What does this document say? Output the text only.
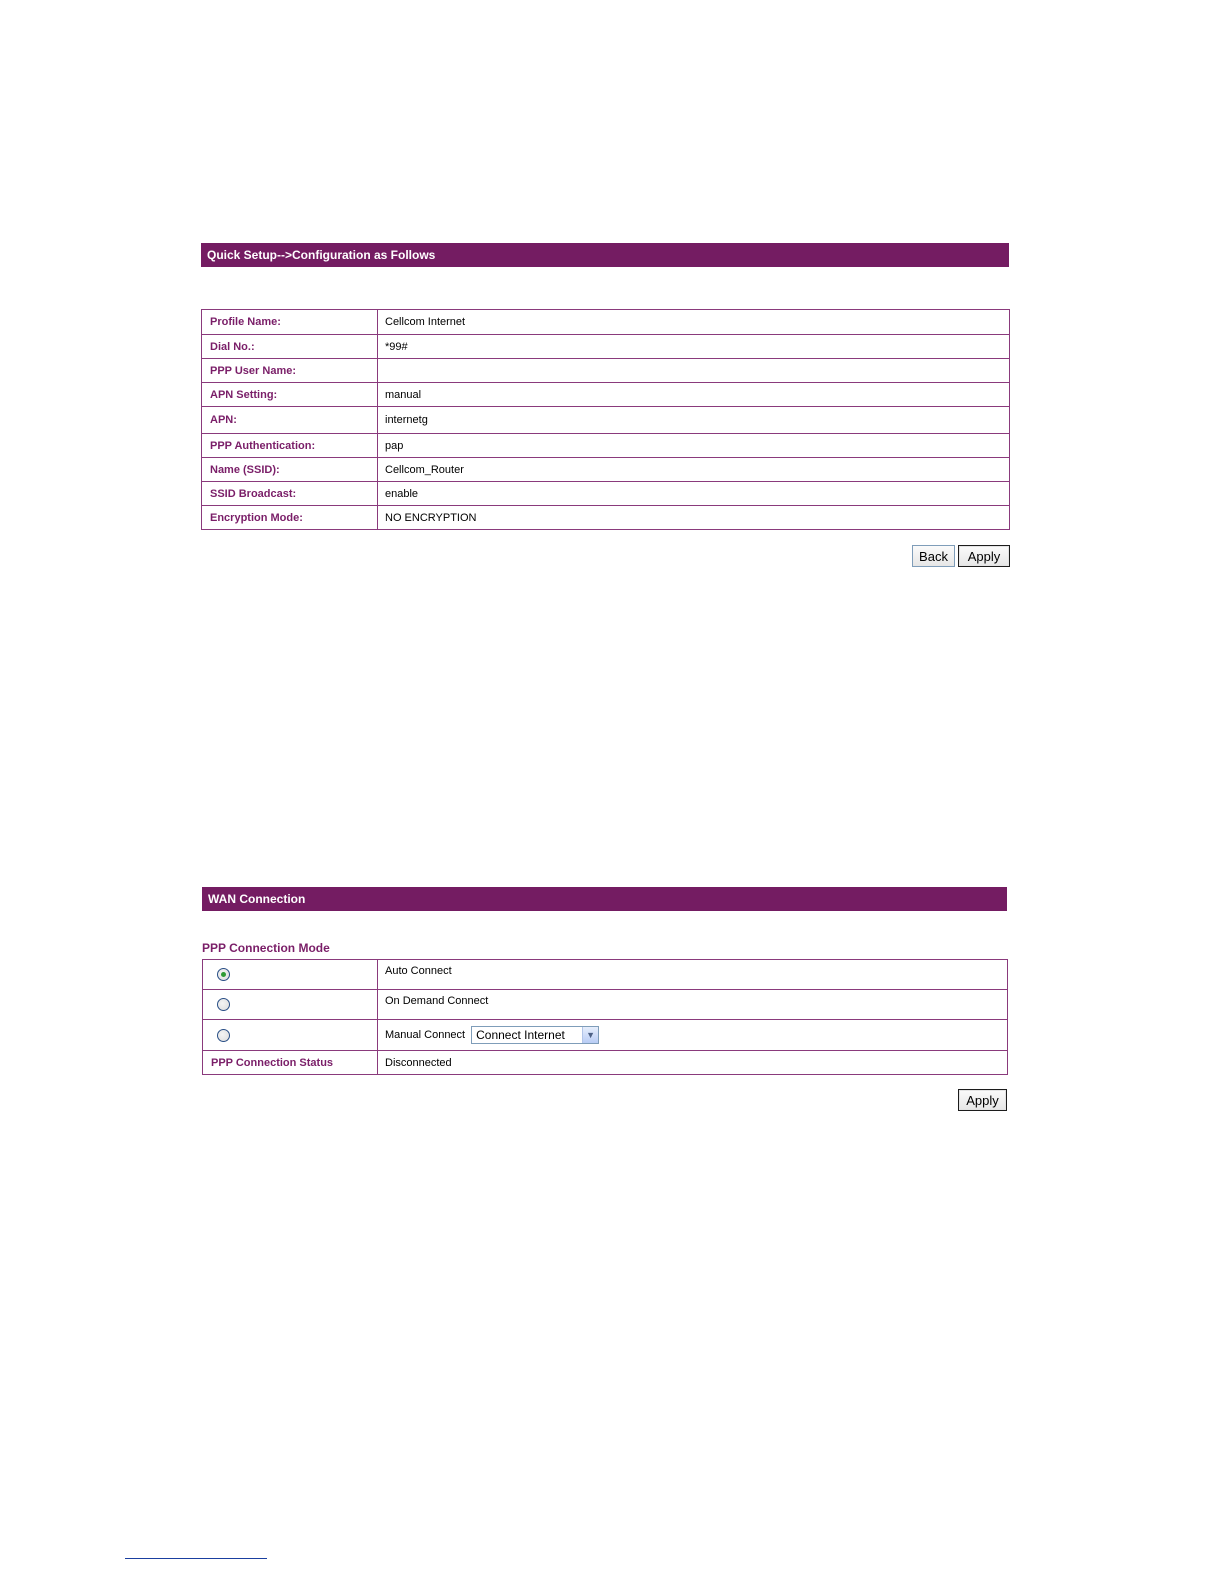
Quick Setup-->Configuration as Follows
Profile Name:	Cellcom Internet
Dial No.:	*99#
PPP User Name:	
APN Setting:	manual
APN:	internetg
PPP Authentication:	pap
Name (SSID):	Cellcom_Router
SSID Broadcast:	enable
Encryption Mode:	NO ENCRYPTION
Back	Apply
WAN Connection
PPP Connection Mode
	Auto Connect
	On Demand Connect
	Manual Connect Connect Internet ▼

PPP Connection Status	Disconnected
Apply
